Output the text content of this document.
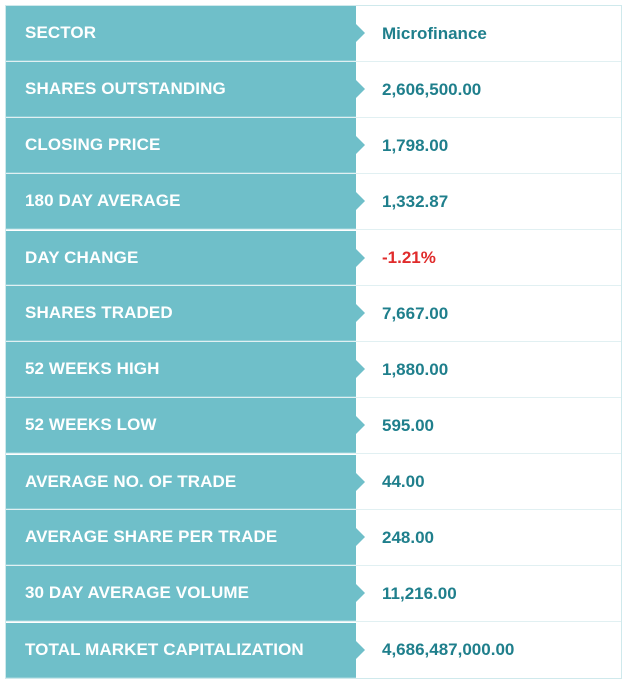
SECTOR	Microfinance
SHARES OUTSTANDING	2,606,500.00
CLOSING PRICE	1,798.00
180 DAY AVERAGE	1,332.87
DAY CHANGE	-1.21%
SHARES TRADED	7,667.00
52 WEEKS HIGH	1,880.00
52 WEEKS LOW	595.00
AVERAGE NO. OF TRADE	44.00
AVERAGE SHARE PER TRADE	248.00
30 DAY AVERAGE VOLUME	11,216.00
TOTAL MARKET CAPITALIZATION	4,686,487,000.00
